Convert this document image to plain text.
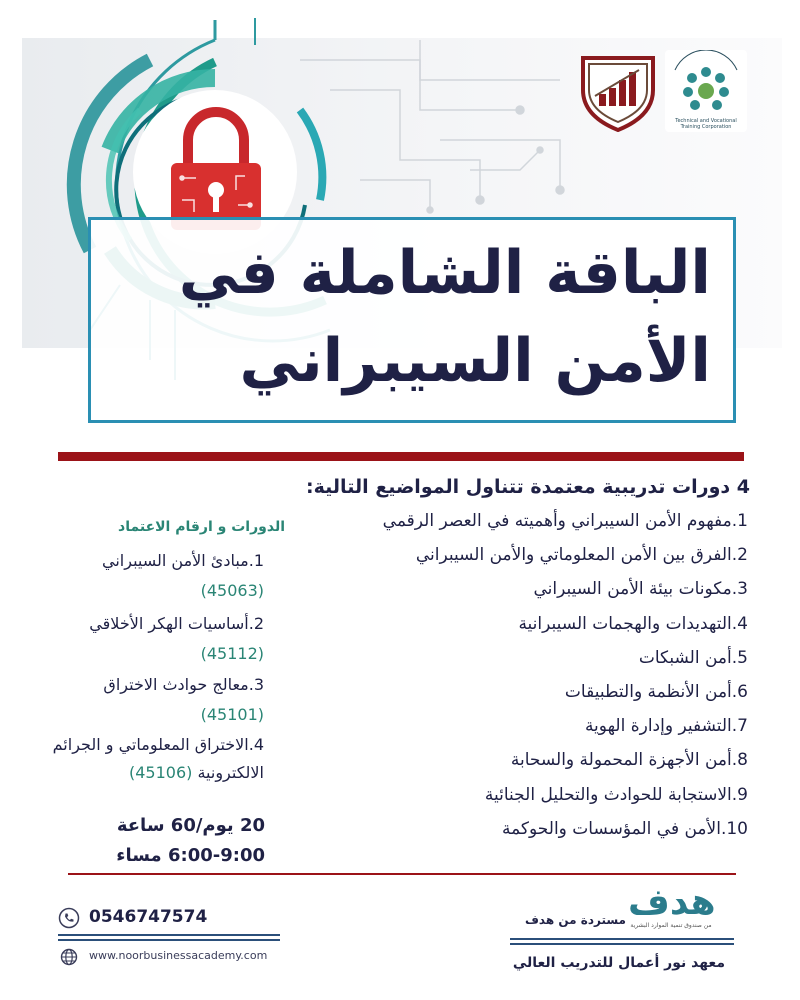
Technical and Vocational Training Corporation
الباقة الشاملة في
الأمن السيبراني
4 دورات تدريبية معتمدة تتناول المواضيع التالية:
1.مفهوم الأمن السيبراني وأهميته في العصر الرقمي
2.الفرق بين الأمن المعلوماتي والأمن السيبراني
3.مكونات بيئة الأمن السيبراني
4.التهديدات والهجمات السيبرانية
5.أمن الشبكات
6.أمن الأنظمة والتطبيقات
7.التشفير وإدارة الهوية
8.أمن الأجهزة المحمولة والسحابة
9.الاستجابة للحوادث والتحليل الجنائية
10.الأمن في المؤسسات والحوكمة
الدورات و ارقام الاعتماد
1.مبادئ الأمن السيبراني
(45063)
2.أساسيات الهكر الأخلاقي
(45112)
3.معالج حوادث الاختراق
(45101)
4.الاختراق المعلوماتي و الجرائم الالكترونية (45106)
20 يوم/60 ساعة
6:00-9:00 مساء
0546747574
www.noorbusinessacademy.com
هدف
من صندوق تنمية الموارد البشرية
مستردة من هدف
معهد نور أعمال للتدريب العالي
